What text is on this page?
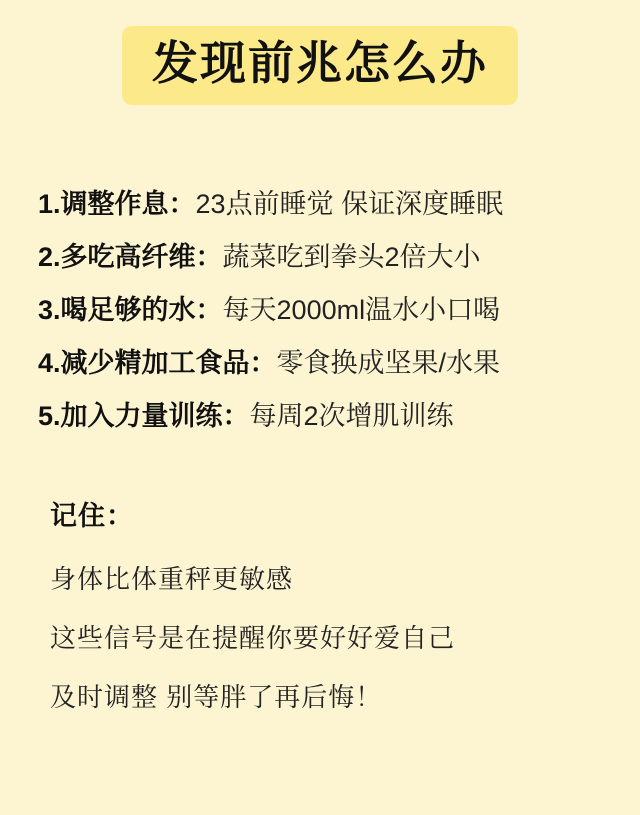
发现前兆怎么办
1. 调整作息 ： 23点前睡觉 保证深度睡眠
2. 多吃高纤维 ： 蔬菜吃到拳头2倍大小
3. 喝足够的水 ： 每天2000ml温水小口喝
4. 减少精加工食品 ： 零食换成坚果/水果
5. 加入力量训练 ： 每周2次增肌训练
记住：
身体比体重秤更敏感
这些信号是在提醒你要好好爱自己
及时调整 别等胖了再后悔！
